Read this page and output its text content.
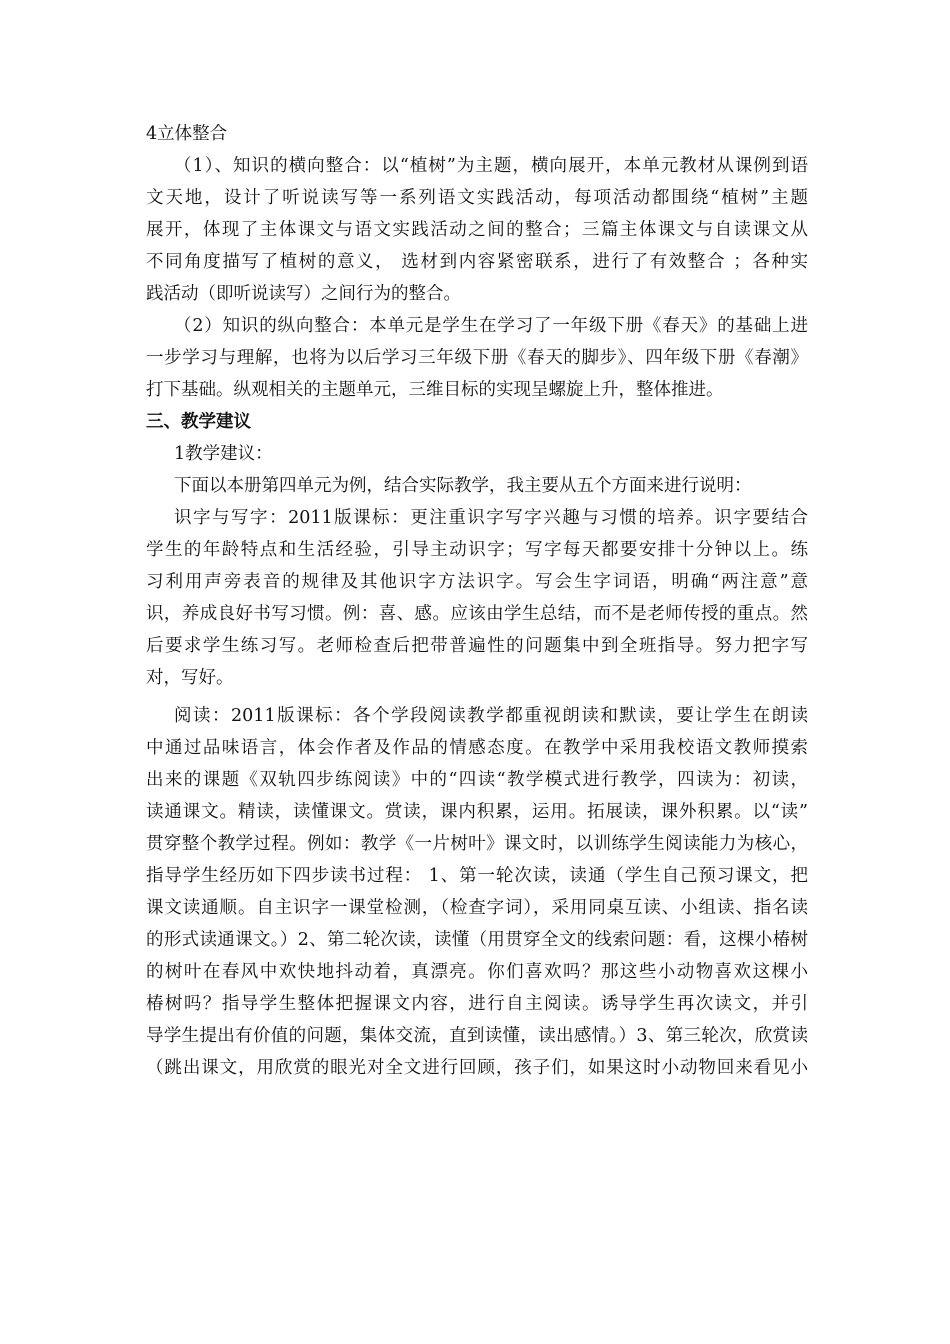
4立体整合
（1）、知识的横向整合：以“植树”为主题，横向展开，本单元教材从课例到语
文天地，设计了听说读写等一系列语文实践活动，每项活动都围绕“植树”主题
展开，体现了主体课文与语文实践活动之间的整合；三篇主体课文与自读课文从
不同角度描写了植树的意义， 选材到内容紧密联系，进行了有效整合 ；各种实
践活动（即听说读写）之间行为的整合。
（2）知识的纵向整合：本单元是学生在学习了一年级下册《春天》的基础上进
一步学习与理解，也将为以后学习三年级下册《春天的脚步》、四年级下册《春潮》
打下基础。纵观相关的主题单元，三维目标的实现呈螺旋上升，整体推进。
三、教学建议
1教学建议：
下面以本册第四单元为例，结合实际教学，我主要从五个方面来进行说明：
识字与写字：2011版课标：更注重识字写字兴趣与习惯的培养。识字要结合
学生的年龄特点和生活经验，引导主动识字；写字每天都要安排十分钟以上。练
习利用声旁表音的规律及其他识字方法识字。写会生字词语，明确“两注意”意
识，养成良好书写习惯。例：喜、感。应该由学生总结，而不是老师传授的重点。然
后要求学生练习写。老师检查后把带普遍性的问题集中到全班指导。努力把字写
对，写好。
阅读：2011版课标：各个学段阅读教学都重视朗读和默读，要让学生在朗读
中通过品味语言，体会作者及作品的情感态度。在教学中采用我校语文教师摸索
出来的课题《双轨四步练阅读》中的“四读“教学模式进行教学，四读为：初读，
读通课文。精读，读懂课文。赏读，课内积累，运用。拓展读，课外积累。以“读”
贯穿整个教学过程。例如：教学《一片树叶》课文时，以训练学生阅读能力为核心，
指导学生经历如下四步读书过程： 1、第一轮次读，读通（学生自己预习课文，把
课文读通顺。自主识字一课堂检测，（检查字词），采用同桌互读、小组读、指名读
的形式读通课文。）2、第二轮次读，读懂（用贯穿全文的线索问题：看，这棵小椿树
的树叶在春风中欢快地抖动着，真漂亮。你们喜欢吗？那这些小动物喜欢这棵小
椿树吗？指导学生整体把握课文内容，进行自主阅读。诱导学生再次读文，并引
导学生提出有价值的问题，集体交流，直到读懂，读出感情。）3、第三轮次，欣赏读
（跳出课文，用欣赏的眼光对全文进行回顾，孩子们，如果这时小动物回来看见小
